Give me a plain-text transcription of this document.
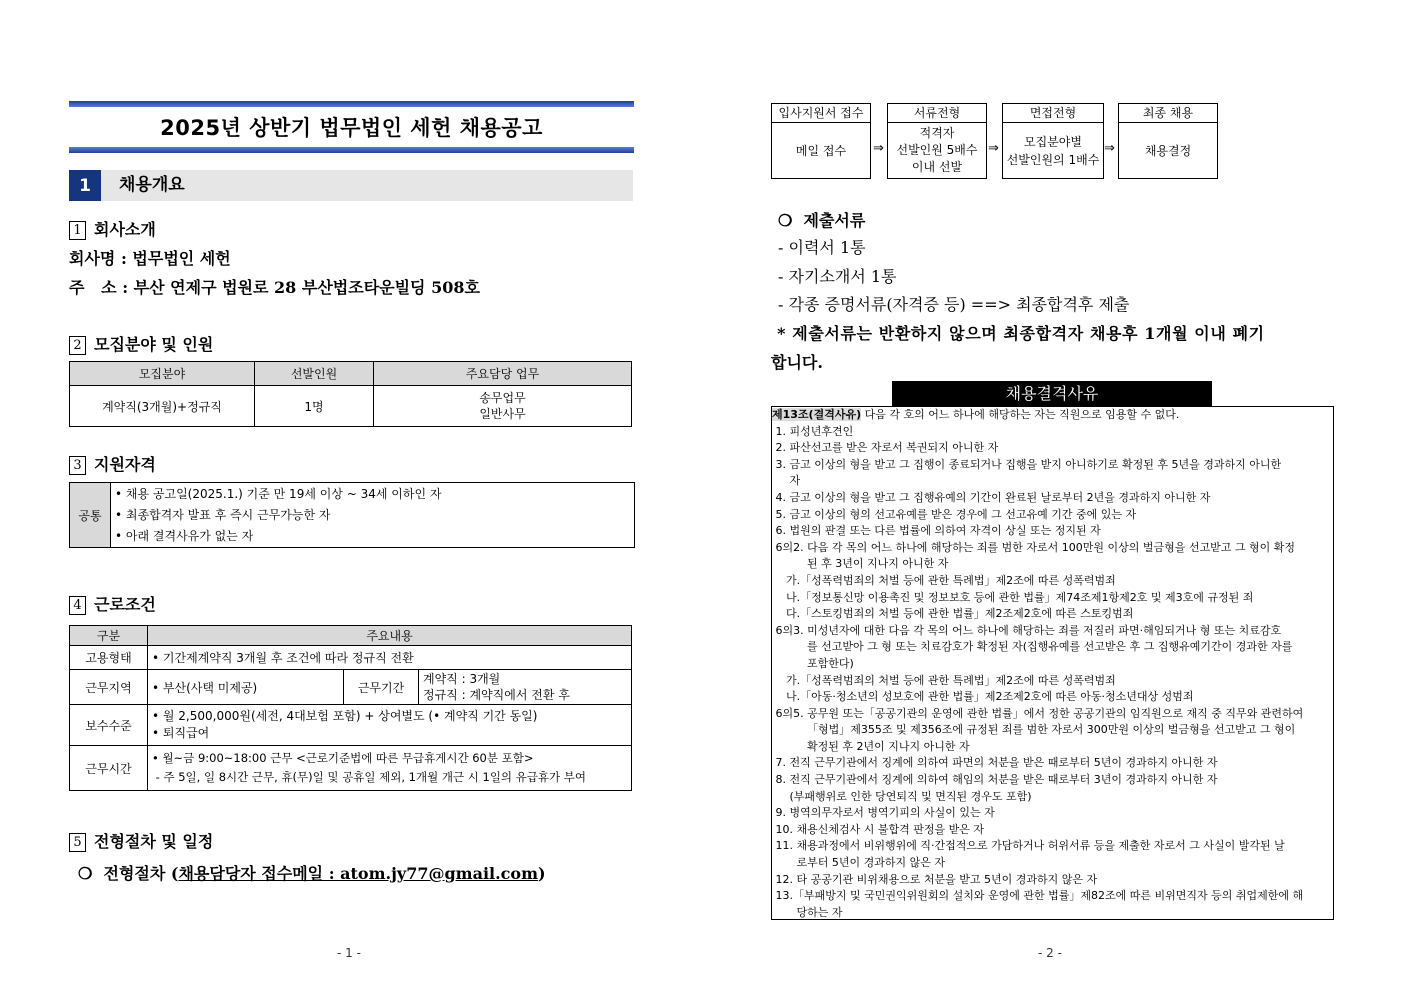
2025년 상반기 법무법인 세헌 채용공고
1	채용개요
1 회사소개
회사명 : 법무법인 세헌
주   소 : 부산 연제구 법원로 28 부산법조타운빌딩 508호
2 모집분야 및 인원
모집분야	선발인원	주요담당 업무
계약직(3개월)+정규직	1명	송무업무
일반사무
3 지원자격
공통	
• 채용 공고일(2025.1.) 기준 만 19세 이상 ~ 34세 이하인 자
• 최종합격자 발표 후 즉시 근무가능한 자
• 아래 결격사유가 없는 자
4 근로조건
구분	주요내용		
고용형태	• 기간제계약직 3개월 후 조건에 따라 정규직 전환		
근무지역	• 부산(사택 미제공)	근무기간	계약직 : 3개월
정규직 : 계약직에서 전환 후

보수수준	• 월 2,500,000원(세전, 4대보험 포함) + 상여별도 (• 계약직 기간 동일)
• 퇴직급여		

근무시간	• 월~금 9:00~18:00 근무 <근로기준법에 따른 무급휴게시간 60분 포함>
- 주 5일, 일 8시간 근무, 휴(무)일 및 공휴일 제외, 1개월 개근 시 1일의 유급휴가 부여		
5 전형절차 및 일정
❍  전형절차 (채용담당자 접수메일 : atom.jy77@gmail.com)
- 1 -
입사지원서 접수
메일 접수 ⇒
서류전형
적격자
선발인원 5배수
이내 선발
⇒
면접전형
모집분야별
선발인원의 1배수
⇒
최종 채용
채용결정
❍  제출서류
- 이력서 1통
- 자기소개서 1통
- 각종 증명서류(자격증 등) ==> 최종합격후 제출
* 제출서류는 반환하지 않으며 최종합격자 채용후 1개월 이내 폐기
합니다.
채용결격사유
제13조(결격사유) 다음 각 호의 어느 하나에 해당하는 자는 직원으로 임용할 수 없다.
1. 피성년후견인
2. 파산선고를 받은 자로서 복권되지 아니한 자
3. 금고 이상의 형을 받고 그 집행이 종료되거나 집행을 받지 아니하기로 확정된 후 5년을 경과하지 아니한
자
4. 금고 이상의 형을 받고 그 집행유예의 기간이 완료된 날로부터 2년을 경과하지 아니한 자
5. 금고 이상의 형의 선고유예를 받은 경우에 그 선고유예 기간 중에 있는 자
6. 법원의 판결 또는 다른 법률에 의하여 자격이 상실 또는 정지된 자
6의2. 다음 각 목의 어느 하나에 해당하는 죄를 범한 자로서 100만원 이상의 벌금형을 선고받고 그 형이 확정
된 후 3년이 지나지 아니한 자
가.「성폭력범죄의 처벌 등에 관한 특례법」제2조에 따른 성폭력범죄
나.「정보통신망 이용촉진 및 정보보호 등에 관한 법률」제74조제1항제2호 및 제3호에 규정된 죄
다.「스토킹범죄의 처벌 등에 관한 법률」제2조제2호에 따른 스토킹범죄
6의3. 미성년자에 대한 다음 각 목의 어느 하나에 해당하는 죄를 저질러 파면·해임되거나 형 또는 치료감호
를 선고받아 그 형 또는 치료감호가 확정된 자(집행유예를 선고받은 후 그 집행유예기간이 경과한 자를
포함한다)
가.「성폭력범죄의 처벌 등에 관한 특례법」제2조에 따른 성폭력범죄
나.「아동·청소년의 성보호에 관한 법률」제2조제2호에 따른 아동·청소년대상 성범죄
6의5. 공무원 또는「공공기관의 운영에 관한 법률」에서 정한 공공기관의 임직원으로 재직 중 직무와 관련하여
「형법」제355조 및 제356조에 규정된 죄를 범한 자로서 300만원 이상의 벌금형을 선고받고 그 형이
확정된 후 2년이 지나지 아니한 자
7. 전직 근무기관에서 징계에 의하여 파면의 처분을 받은 때로부터 5년이 경과하지 아니한 자
8. 전직 근무기관에서 징계에 의하여 해임의 처분을 받은 때로부터 3년이 경과하지 아니한 자
(부패행위로 인한 당연퇴직 및 면직된 경우도 포함)
9. 병역의무자로서 병역기피의 사실이 있는 자
10. 채용신체검사 시 불합격 판정을 받은 자
11. 채용과정에서 비위행위에 직·간접적으로 가담하거나 허위서류 등을 제출한 자로서 그 사실이 발각된 날
로부터 5년이 경과하지 않은 자
12. 타 공공기관 비위채용으로 처분을 받고 5년이 경과하지 않은 자
13.「부패방지 및 국민권익위원회의 설치와 운영에 관한 법률」제82조에 따른 비위면직자 등의 취업제한에 해
당하는 자
- 2 -
